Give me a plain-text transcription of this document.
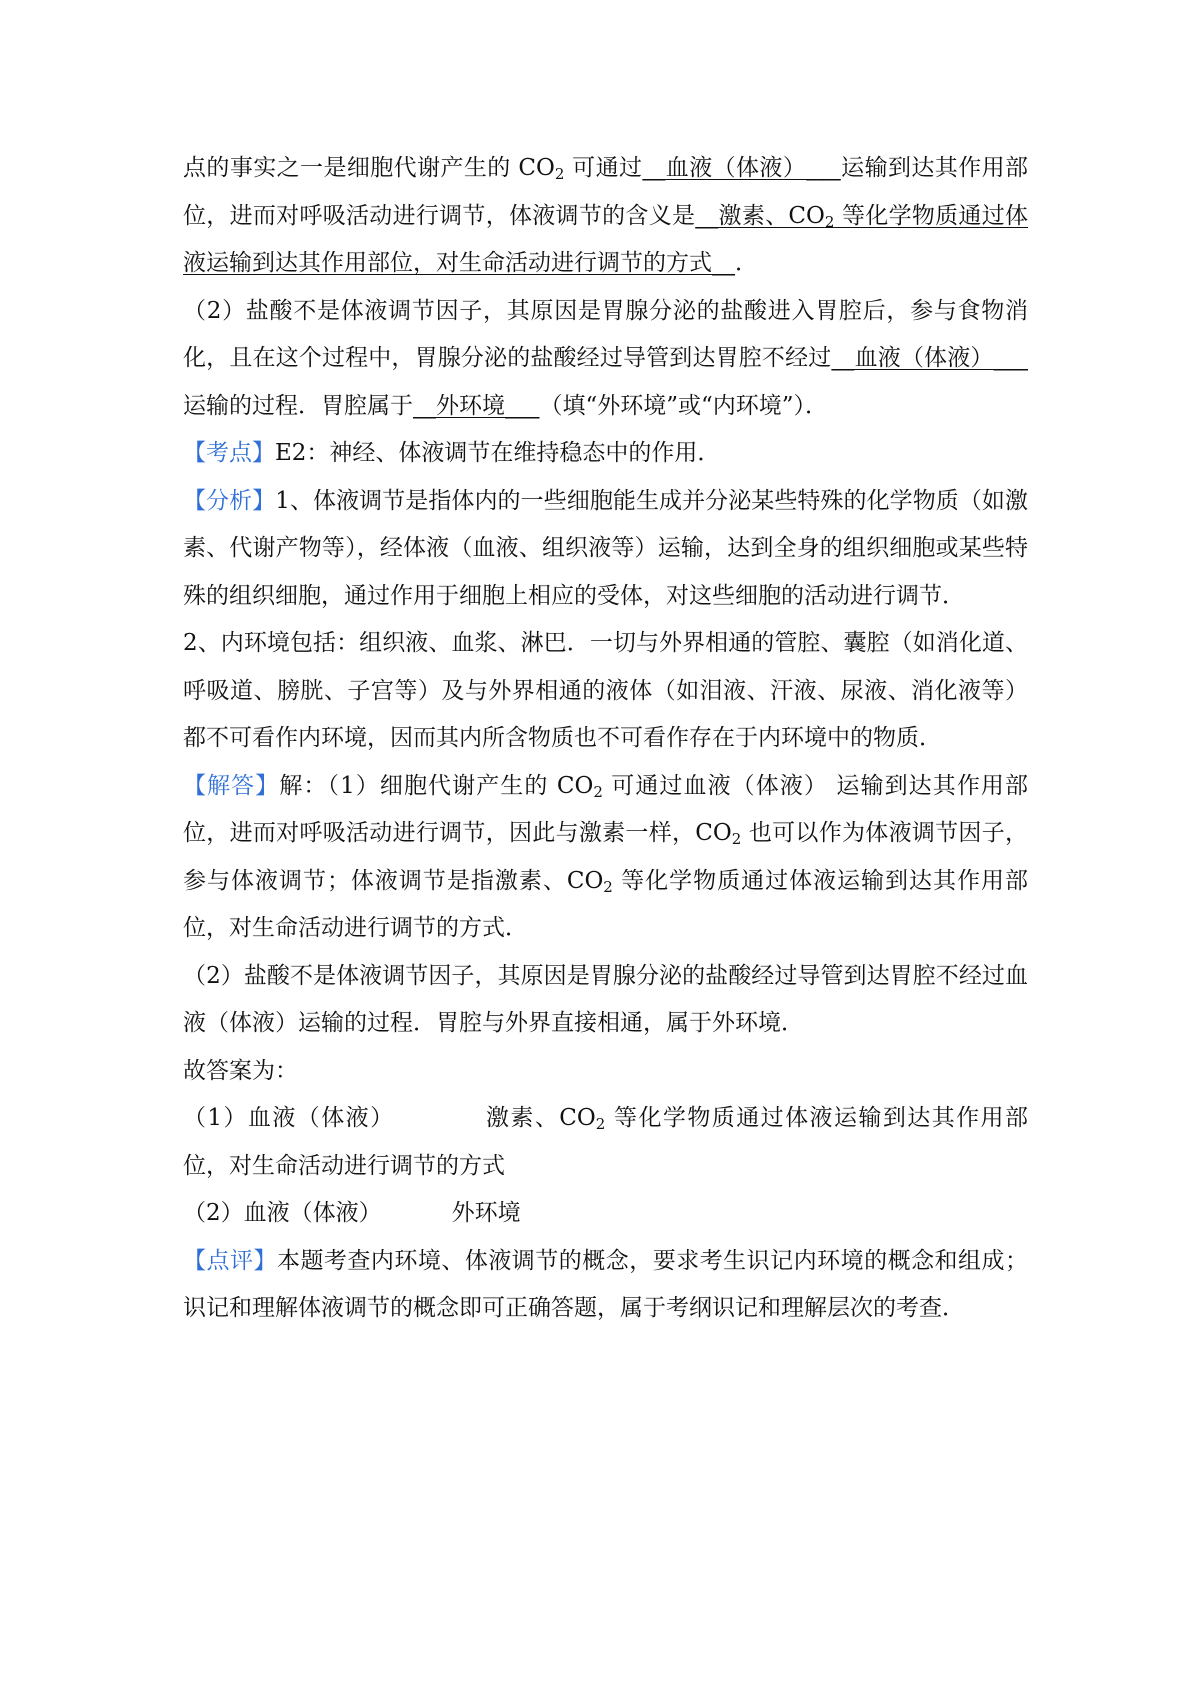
点的事实之一是细胞代谢产生的 $CO_2$ 可通过__血液（体液）___运输到达其作用部位，进而对呼吸活动进行调节，体液调节的含义是__激素、$CO_2$ 等化学物质通过体液运输到达其作用部位，对生命活动进行调节的方式__．

（2）盐酸不是体液调节因子，其原因是胃腺分泌的盐酸进入胃腔后，参与食物消化，且在这个过程中，胃腺分泌的盐酸经过导管到达胃腔不经过__血液（体液）___运输的过程．胃腔属于__外环境___（填“外环境”或“内环境”）．

【考点】E2：神经、体液调节在维持稳态中的作用．

【分析】1、体液调节是指体内的一些细胞能生成并分泌某些特殊的化学物质（如激素、代谢产物等），经体液（血液、组织液等）运输，达到全身的组织细胞或某些特殊的组织细胞，通过作用于细胞上相应的受体，对这些细胞的活动进行调节．

2、内环境包括：组织液、血浆、淋巴．一切与外界相通的管腔、囊腔（如消化道、呼吸道、膀胱、子宫等）及与外界相通的液体（如泪液、汗液、尿液、消化液等）都不可看作内环境，因而其内所含物质也不可看作存在于内环境中的物质．

【解答】解：（1）细胞代谢产生的 $CO_2$ 可通过血液（体液） 运输到达其作用部位，进而对呼吸活动进行调节，因此与激素一样，$CO_2$ 也可以作为体液调节因子，参与体液调节；体液调节是指激素、$CO_2$ 等化学物质通过体液运输到达其作用部位，对生命活动进行调节的方式．

（2）盐酸不是体液调节因子，其原因是胃腺分泌的盐酸经过导管到达胃腔不经过血液（体液）运输的过程．胃腔与外界直接相通，属于外环境．

故答案为：

（1）血液（体液）	激素、$CO_2$ 等化学物质通过体液运输到达其作用部位，对生命活动进行调节的方式

（2）血液（体液）	外环境

【点评】本题考查内环境、体液调节的概念，要求考生识记内环境的概念和组成；识记和理解体液调节的概念即可正确答题，属于考纲识记和理解层次的考查．
